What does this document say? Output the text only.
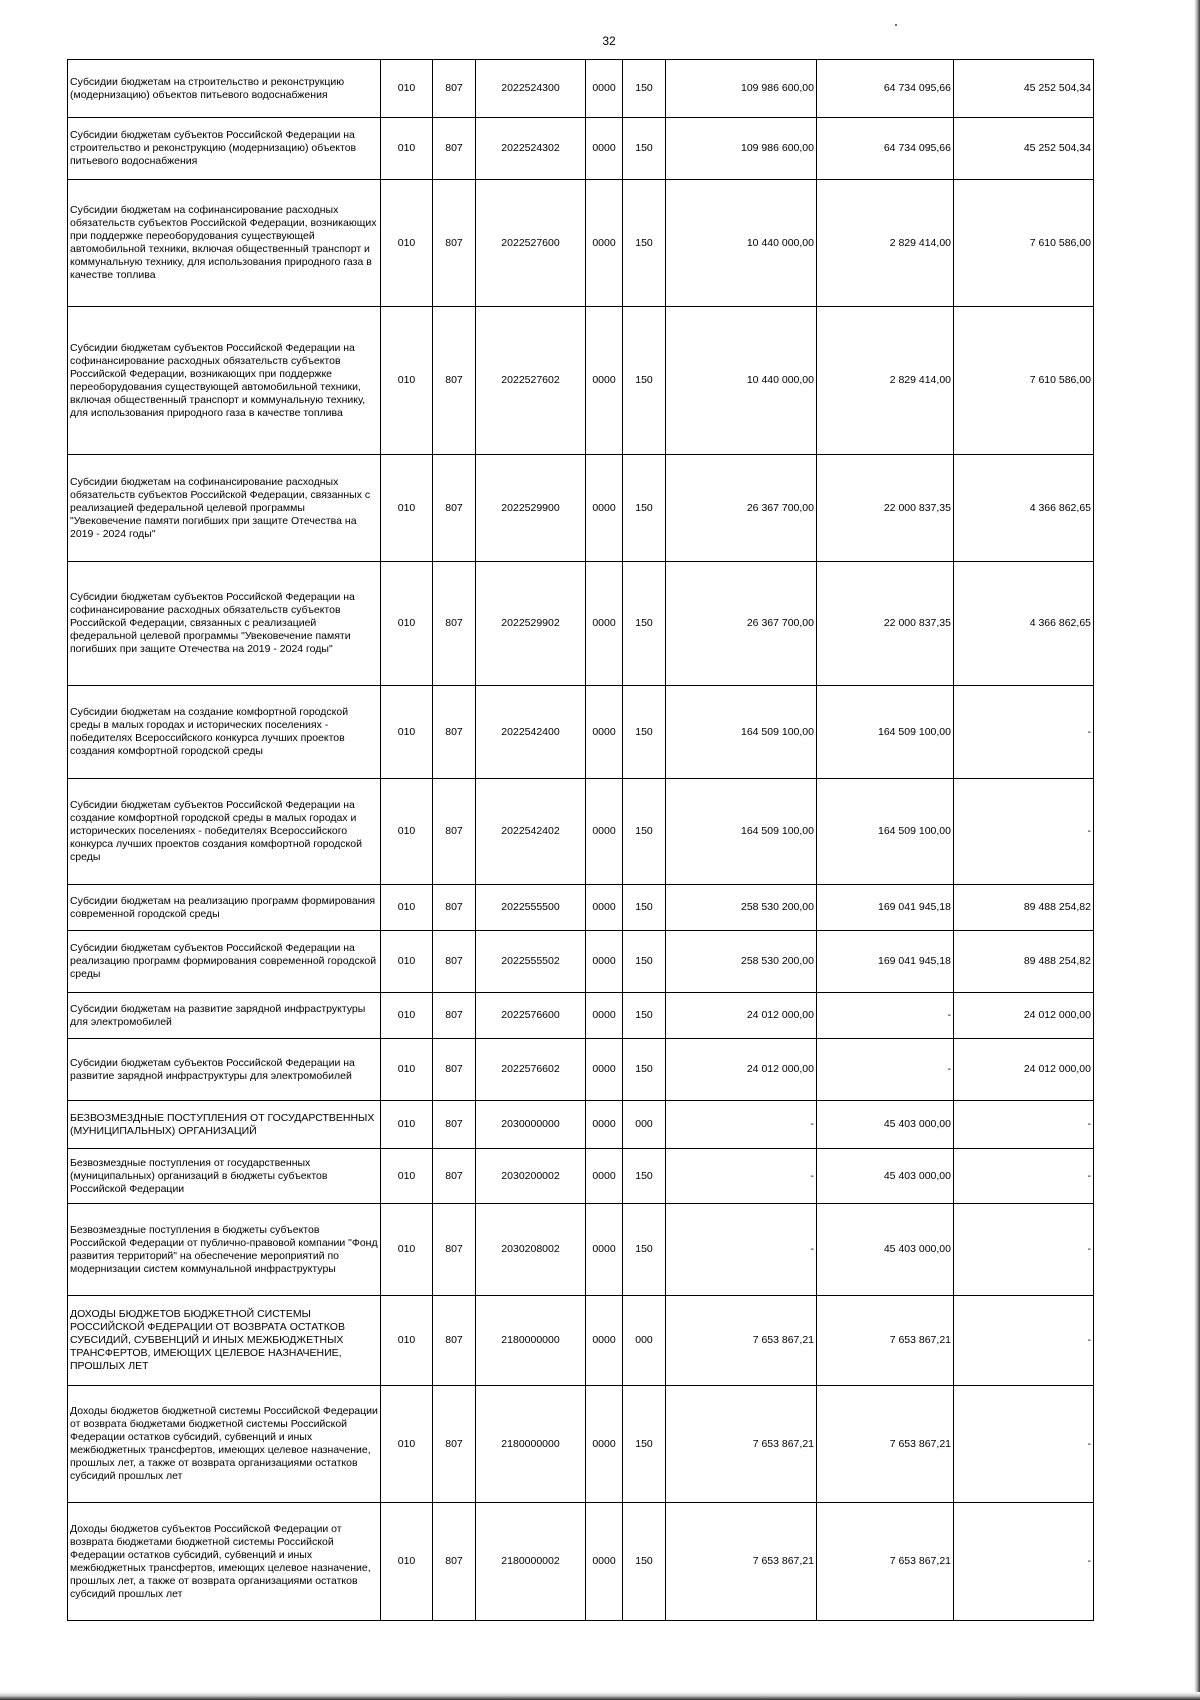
32
Субсидии бюджетам на строительство и реконструкцию (модернизацию) объектов питьевого водоснабжения	010	807	2022524300	0000	150	109 986 600,00	64 734 095,66	45 252 504,34
Субсидии бюджетам субъектов Российской Федерации на строительство и реконструкцию (модернизацию) объектов питьевого водоснабжения	010	807	2022524302	0000	150	109 986 600,00	64 734 095,66	45 252 504,34
Субсидии бюджетам на софинансирование расходных обязательств субъектов Российской Федерации, возникающих при поддержке переоборудования существующей автомобильной техники, включая общественный транспорт и коммунальную технику, для использования природного газа в качестве топлива	010	807	2022527600	0000	150	10 440 000,00	2 829 414,00	7 610 586,00
Субсидии бюджетам субъектов Российской Федерации на софинансирование расходных обязательств субъектов Российской Федерации, возникающих при поддержке переоборудования существующей автомобильной техники, включая общественный транспорт и коммунальную технику, для использования природного газа в качестве топлива	010	807	2022527602	0000	150	10 440 000,00	2 829 414,00	7 610 586,00
Субсидии бюджетам на софинансирование расходных обязательств субъектов Российской Федерации, связанных с реализацией федеральной целевой программы "Увековечение памяти погибших при защите Отечества на 2019 - 2024 годы"	010	807	2022529900	0000	150	26 367 700,00	22 000 837,35	4 366 862,65
Субсидии бюджетам субъектов Российской Федерации на софинансирование расходных обязательств субъектов Российской Федерации, связанных с реализацией федеральной целевой программы "Увековечение памяти погибших при защите Отечества на 2019 - 2024 годы"	010	807	2022529902	0000	150	26 367 700,00	22 000 837,35	4 366 862,65
Субсидии бюджетам на создание комфортной городской среды в малых городах и исторических поселениях - победителях Всероссийского конкурса лучших проектов создания комфортной городской среды	010	807	2022542400	0000	150	164 509 100,00	164 509 100,00	-
Субсидии бюджетам субъектов Российской Федерации на создание комфортной городской среды в малых городах и исторических поселениях - победителях Всероссийского конкурса лучших проектов создания комфортной городской среды	010	807	2022542402	0000	150	164 509 100,00	164 509 100,00	-
Субсидии бюджетам на реализацию программ формирования современной городской среды	010	807	2022555500	0000	150	258 530 200,00	169 041 945,18	89 488 254,82
Субсидии бюджетам субъектов Российской Федерации на реализацию программ формирования современной городской среды	010	807	2022555502	0000	150	258 530 200,00	169 041 945,18	89 488 254,82
Субсидии бюджетам на развитие зарядной инфраструктуры для электромобилей	010	807	2022576600	0000	150	24 012 000,00	-	24 012 000,00
Субсидии бюджетам субъектов Российской Федерации на развитие зарядной инфраструктуры для электромобилей	010	807	2022576602	0000	150	24 012 000,00	-	24 012 000,00
БЕЗВОЗМЕЗДНЫЕ ПОСТУПЛЕНИЯ ОТ ГОСУДАРСТВЕННЫХ (МУНИЦИПАЛЬНЫХ) ОРГАНИЗАЦИЙ	010	807	2030000000	0000	000	-	45 403 000,00	-
Безвозмездные поступления от государственных (муниципальных) организаций в бюджеты субъектов Российской Федерации	010	807	2030200002	0000	150	-	45 403 000,00	-
Безвозмездные поступления в бюджеты субъектов Российской Федерации от публично-правовой компании "Фонд развития территорий" на обеспечение мероприятий по модернизации систем коммунальной инфраструктуры	010	807	2030208002	0000	150	-	45 403 000,00	-
ДОХОДЫ БЮДЖЕТОВ БЮДЖЕТНОЙ СИСТЕМЫ РОССИЙСКОЙ ФЕДЕРАЦИИ ОТ ВОЗВРАТА ОСТАТКОВ СУБСИДИЙ, СУБВЕНЦИЙ И ИНЫХ МЕЖБЮДЖЕТНЫХ ТРАНСФЕРТОВ, ИМЕЮЩИХ ЦЕЛЕВОЕ НАЗНАЧЕНИЕ, ПРОШЛЫХ ЛЕТ	010	807	2180000000	0000	000	7 653 867,21	7 653 867,21	-
Доходы бюджетов бюджетной системы Российской Федерации от возврата бюджетами бюджетной системы Российской Федерации остатков субсидий, субвенций и иных межбюджетных трансфертов, имеющих целевое назначение, прошлых лет, а также от возврата организациями остатков субсидий прошлых лет	010	807	2180000000	0000	150	7 653 867,21	7 653 867,21	-
Доходы бюджетов субъектов Российской Федерации от возврата бюджетами бюджетной системы Российской Федерации остатков субсидий, субвенций и иных межбюджетных трансфертов, имеющих целевое назначение, прошлых лет, а также от возврата организациями остатков субсидий прошлых лет	010	807	2180000002	0000	150	7 653 867,21	7 653 867,21	-
